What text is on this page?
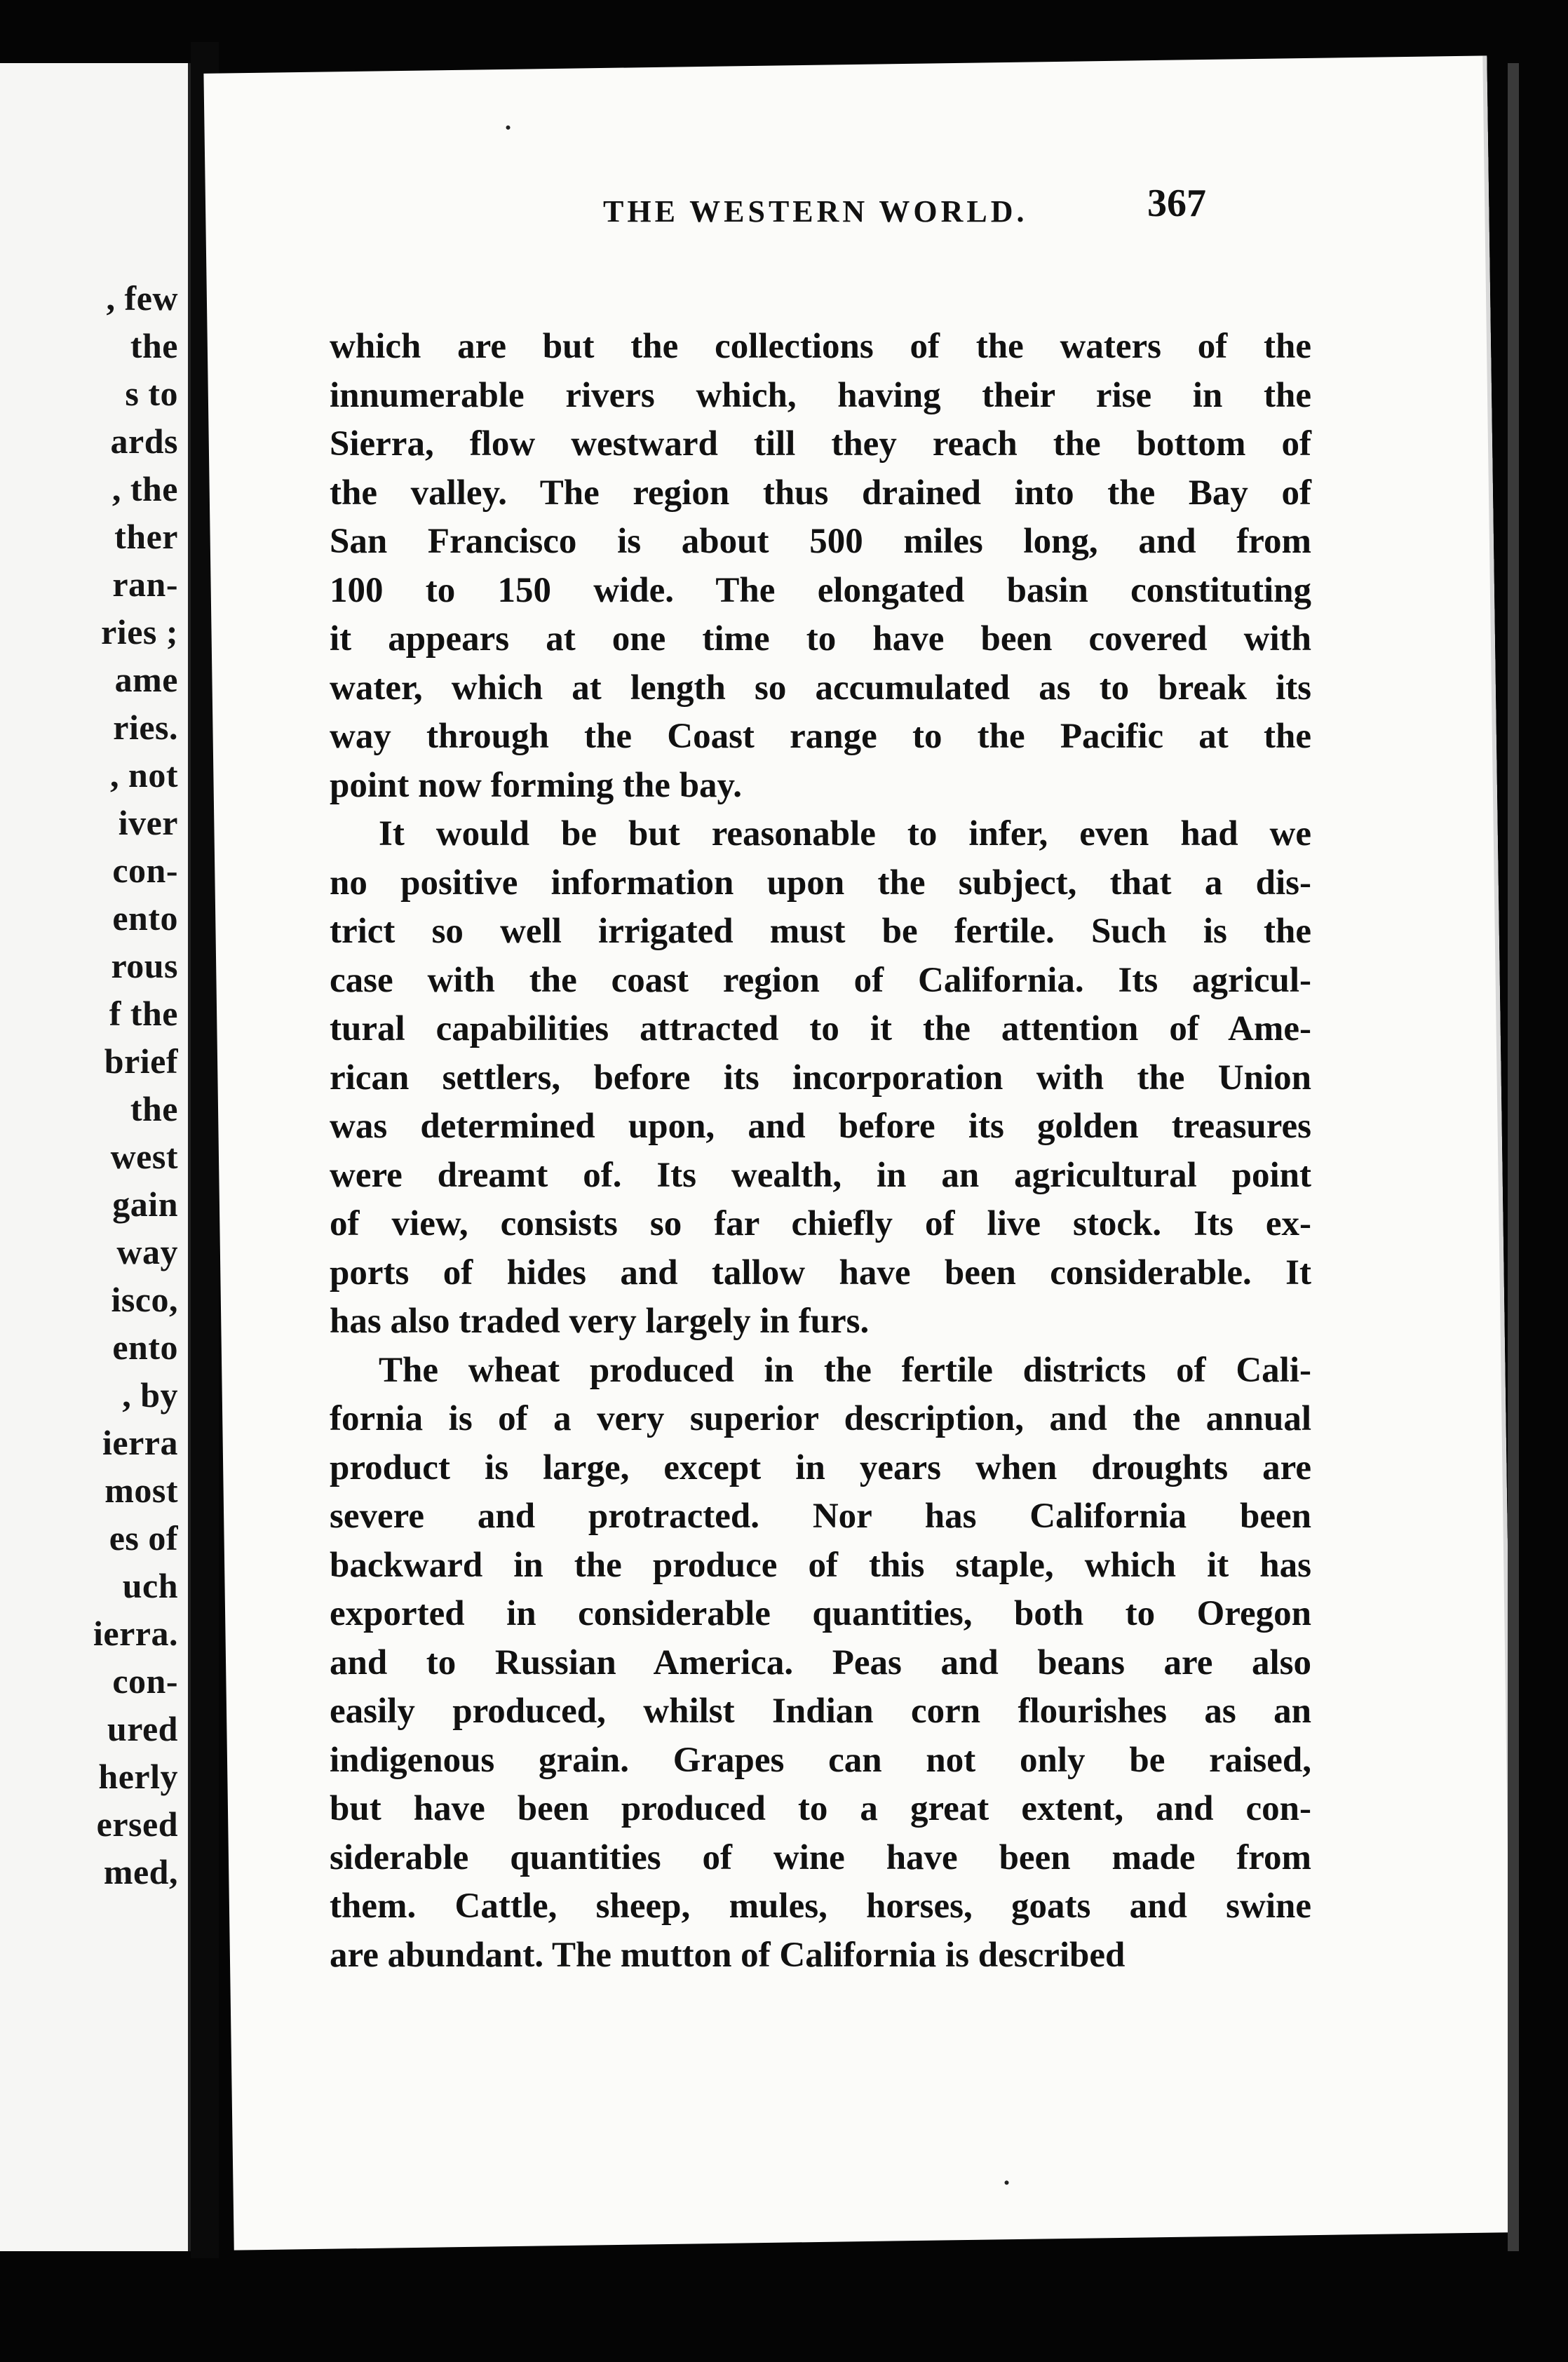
, few
the
s to
ards
, the
ther
ran-
ries ;
ame
ries.
, not
iver
con-
ento
rous
f the
brief
the
west
gain
way
isco,
ento
, by
ierra
most
es of
uch
ierra.
con-
ured
herly
ersed
med,
THE WESTERN WORLD.	367
which are but the collections of the waters of the
innumerable rivers which, having their rise in the
Sierra, flow westward till they reach the bottom of
the valley. The region thus drained into the Bay of
San Francisco is about 500 miles long, and from
100 to 150 wide. The elongated basin constituting
it appears at one time to have been covered with
water, which at length so accumulated as to break its
way through the Coast range to the Pacific at the
point now forming the bay.
It would be but reasonable to infer, even had we
no positive information upon the subject, that a dis-
trict so well irrigated must be fertile. Such is the
case with the coast region of California. Its agricul-
tural capabilities attracted to it the attention of Ame-
rican settlers, before its incorporation with the Union
was determined upon, and before its golden treasures
were dreamt of. Its wealth, in an agricultural point
of view, consists so far chiefly of live stock. Its ex-
ports of hides and tallow have been considerable. It
has also traded very largely in furs.
The wheat produced in the fertile districts of Cali-
fornia is of a very superior description, and the annual
product is large, except in years when droughts are
severe and protracted. Nor has California been
backward in the produce of this staple, which it has
exported in considerable quantities, both to Oregon
and to Russian America. Peas and beans are also
easily produced, whilst Indian corn flourishes as an
indigenous grain. Grapes can not only be raised,
but have been produced to a great extent, and con-
siderable quantities of wine have been made from
them. Cattle, sheep, mules, horses, goats and swine
are abundant. The mutton of California is described
